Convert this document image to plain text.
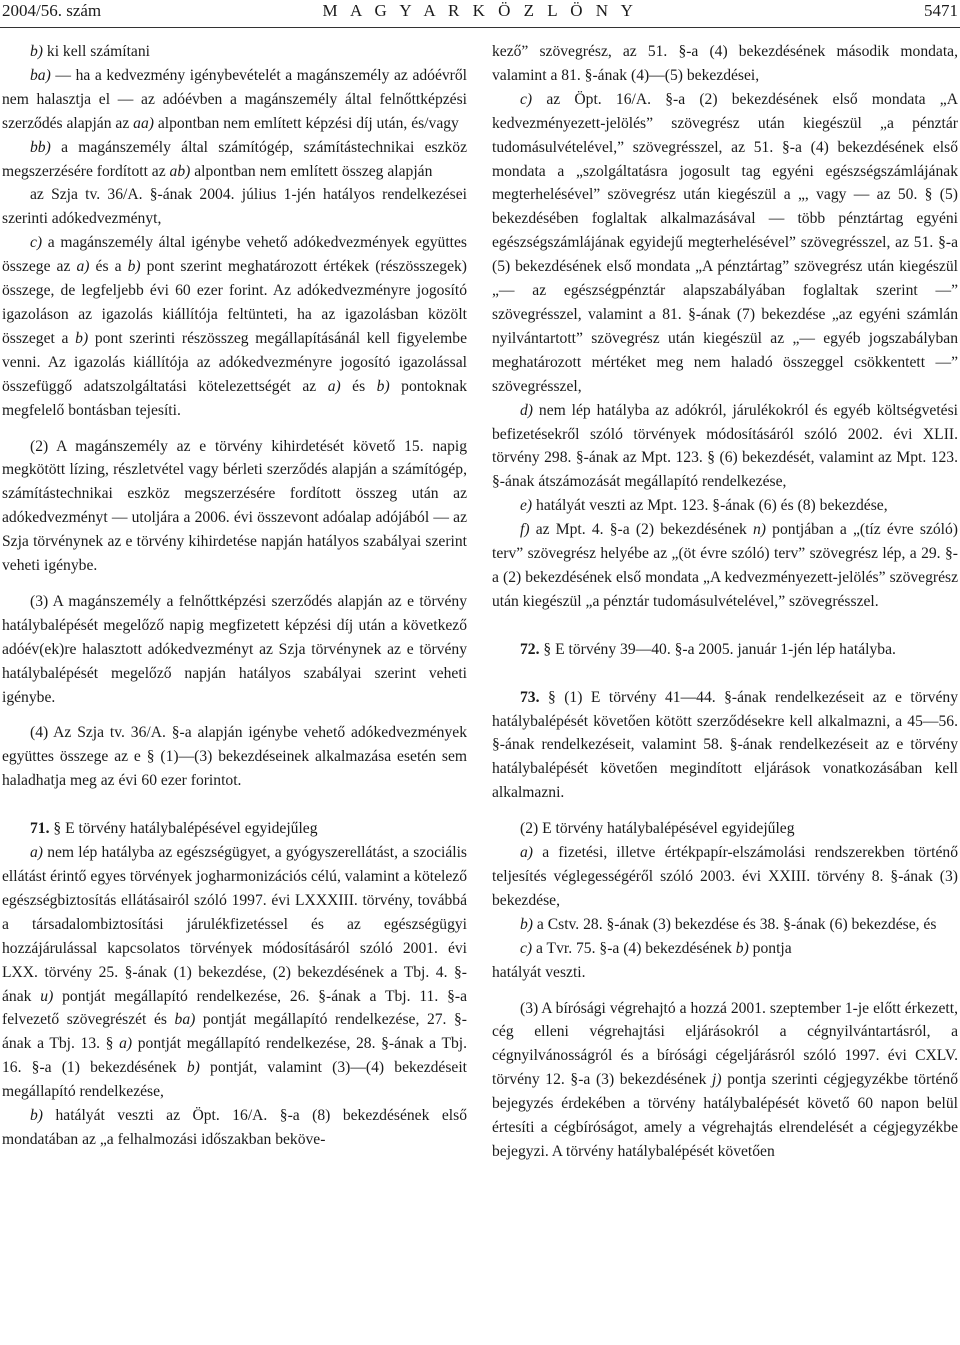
2004/56. szám	M A G Y A R K Ö Z L Ö N Y	5471

b) ki kell számítani

ba) — ha a kedvezmény igénybevételét a magánszemély az adóévről nem halasztja el — az adóévben a magánszemély által felnőttképzési szerződés alapján az aa) alpontban nem említett képzési díj után, és/vagy

bb) a magánszemély által számítógép, számítástechnikai eszköz megszerzésére fordított az ab) alpontban nem említett összeg alapján

az Szja tv. 36/A. §-ának 2004. július 1-jén hatályos rendelkezései szerinti adókedvezményt,

c) a magánszemély által igénybe vehető adókedvezmények együttes összege az a) és a b) pont szerint meghatározott értékek (részösszegek) összege, de legfeljebb évi 60 ezer forint. Az adókedvezményre jogosító igazoláson az igazolás kiállítója feltünteti, ha az igazolásban közölt összeget a b) pont szerinti részösszeg megállapításánál kell figyelembe venni. Az igazolás kiállítója az adókedvezményre jogosító igazolással összefüggő adatszolgáltatási kötelezettségét az a) és b) pontoknak megfelelő bontásban tejesíti.

(2) A magánszemély az e törvény kihirdetését követő 15. napig megkötött lízing, részletvétel vagy bérleti szerződés alapján a számítógép, számítástechnikai eszköz megszerzésére fordított összeg után az adókedvezményt — utoljára a 2006. évi összevont adóalap adójából — az Szja törvénynek az e törvény kihirdetése napján hatályos szabályai szerint veheti igénybe.

(3) A magánszemély a felnőttképzési szerződés alapján az e törvény hatálybalépését megelőző napig megfizetett képzési díj után a következő adóév(ek)re halasztott adókedvezményt az Szja törvénynek az e törvény hatálybalépését megelőző napján hatályos szabályai szerint veheti igénybe.

(4) Az Szja tv. 36/A. §-a alapján igénybe vehető adókedvezmények együttes összege az e § (1)—(3) bekezdéseinek alkalmazása esetén sem haladhatja meg az évi 60 ezer forintot.

71. § E törvény hatálybalépésével egyidejűleg

a) nem lép hatályba az egészségügyet, a gyógyszerellátást, a szociális ellátást érintő egyes törvények jogharmonizációs célú, valamint a kötelező egészségbiztosítás ellátásairól szóló 1997. évi LXXXIII. törvény, továbbá a társadalombiztosítási járulékfizetéssel és az egészségügyi hozzájárulással kapcsolatos törvények módosításáról szóló 2001. évi LXX. törvény 25. §-ának (1) bekezdése, (2) bekezdésének a Tbj. 4. §-ának u) pontját megállapító rendelkezése, 26. §-ának a Tbj. 11. §-a felvezető szövegrészét és ba) pontját megállapító rendelkezése, 27. §-ának a Tbj. 13. § a) pontját megállapító rendelkezése, 28. §-ának a Tbj. 16. §-a (1) bekezdésének b) pontját, valamint (3)—(4) bekezdéseit megállapító rendelkezése,

b) hatályát veszti az Öpt. 16/A. §-a (8) bekezdésének első mondatában az „a felhalmozási időszakban beköve-

kező” szövegrész, az 51. §-a (4) bekezdésének második mondata, valamint a 81. §-ának (4)—(5) bekezdései,

c) az Öpt. 16/A. §-a (2) bekezdésének első mondata „A kedvezményezett-jelölés” szövegrész után kiegészül „a pénztár tudomásulvételével,” szövegrésszel, az 51. §-a (4) bekezdésének első mondata a „szolgáltatásra jogosult tag egyéni egészségszámlájának megterhelésével” szövegrész után kiegészül a „, vagy — az 50. § (5) bekezdésében foglaltak alkalmazásával — több pénztártag egyéni egészségszámlájának egyidejű megterhelésével” szövegrésszel, az 51. §-a (5) bekezdésének első mondata „A pénztártag” szövegrész után kiegészül „— az egészségpénztár alapszabályában foglaltak szerint —” szövegrésszel, valamint a 81. §-ának (7) bekezdése „az egyéni számlán nyilvántartott” szövegrész után kiegészül az „— egyéb jogszabályban meghatározott mértéket meg nem haladó összeggel csökkentett —” szövegrésszel,

d) nem lép hatályba az adókról, járulékokról és egyéb költségvetési befizetésekről szóló törvények módosításáról szóló 2002. évi XLII. törvény 298. §-ának az Mpt. 123. § (6) bekezdését, valamint az Mpt. 123. §-ának átszámozását megállapító rendelkezése,

e) hatályát veszti az Mpt. 123. §-ának (6) és (8) bekezdése,

f) az Mpt. 4. §-a (2) bekezdésének n) pontjában a „(tíz évre szóló) terv” szövegrész helyébe az „(öt évre szóló) terv” szövegrész lép, a 29. §-a (2) bekezdésének első mondata „A kedvezményezett-jelölés” szövegrész után kiegészül „a pénztár tudomásulvételével,” szövegrésszel.

72. § E törvény 39—40. §-a 2005. január 1-jén lép hatályba.

73. § (1) E törvény 41—44. §-ának rendelkezéseit az e törvény hatálybalépését követően kötött szerződésekre kell alkalmazni, a 45—56. §-ának rendelkezéseit, valamint 58. §-ának rendelkezéseit az e törvény hatálybalépését követően megindított eljárások vonatkozásában kell alkalmazni.

(2) E törvény hatálybalépésével egyidejűleg

a) a fizetési, illetve értékpapír-elszámolási rendszerekben történő teljesítés véglegességéről szóló 2003. évi XXIII. törvény 8. §-ának (3) bekezdése,

b) a Cstv. 28. §-ának (3) bekezdése és 38. §-ának (6) bekezdése, és

c) a Tvr. 75. §-a (4) bekezdésének b) pontja

hatályát veszti.

(3) A bírósági végrehajtó a hozzá 2001. szeptember 1-je előtt érkezett, cég elleni végrehajtási eljárásokról a cégnyilvántartásról, a cégnyilvánosságról és a bírósági cégeljárásról szóló 1997. évi CXLV. törvény 12. §-a (3) bekezdésének j) pontja szerinti cégjegyzékbe történő bejegyzés érdekében a törvény hatálybalépését követő 60 napon belül értesíti a cégbíróságot, amely a végrehajtás elrendelését a cégjegyzékbe bejegyzi. A törvény hatálybalépését követően
